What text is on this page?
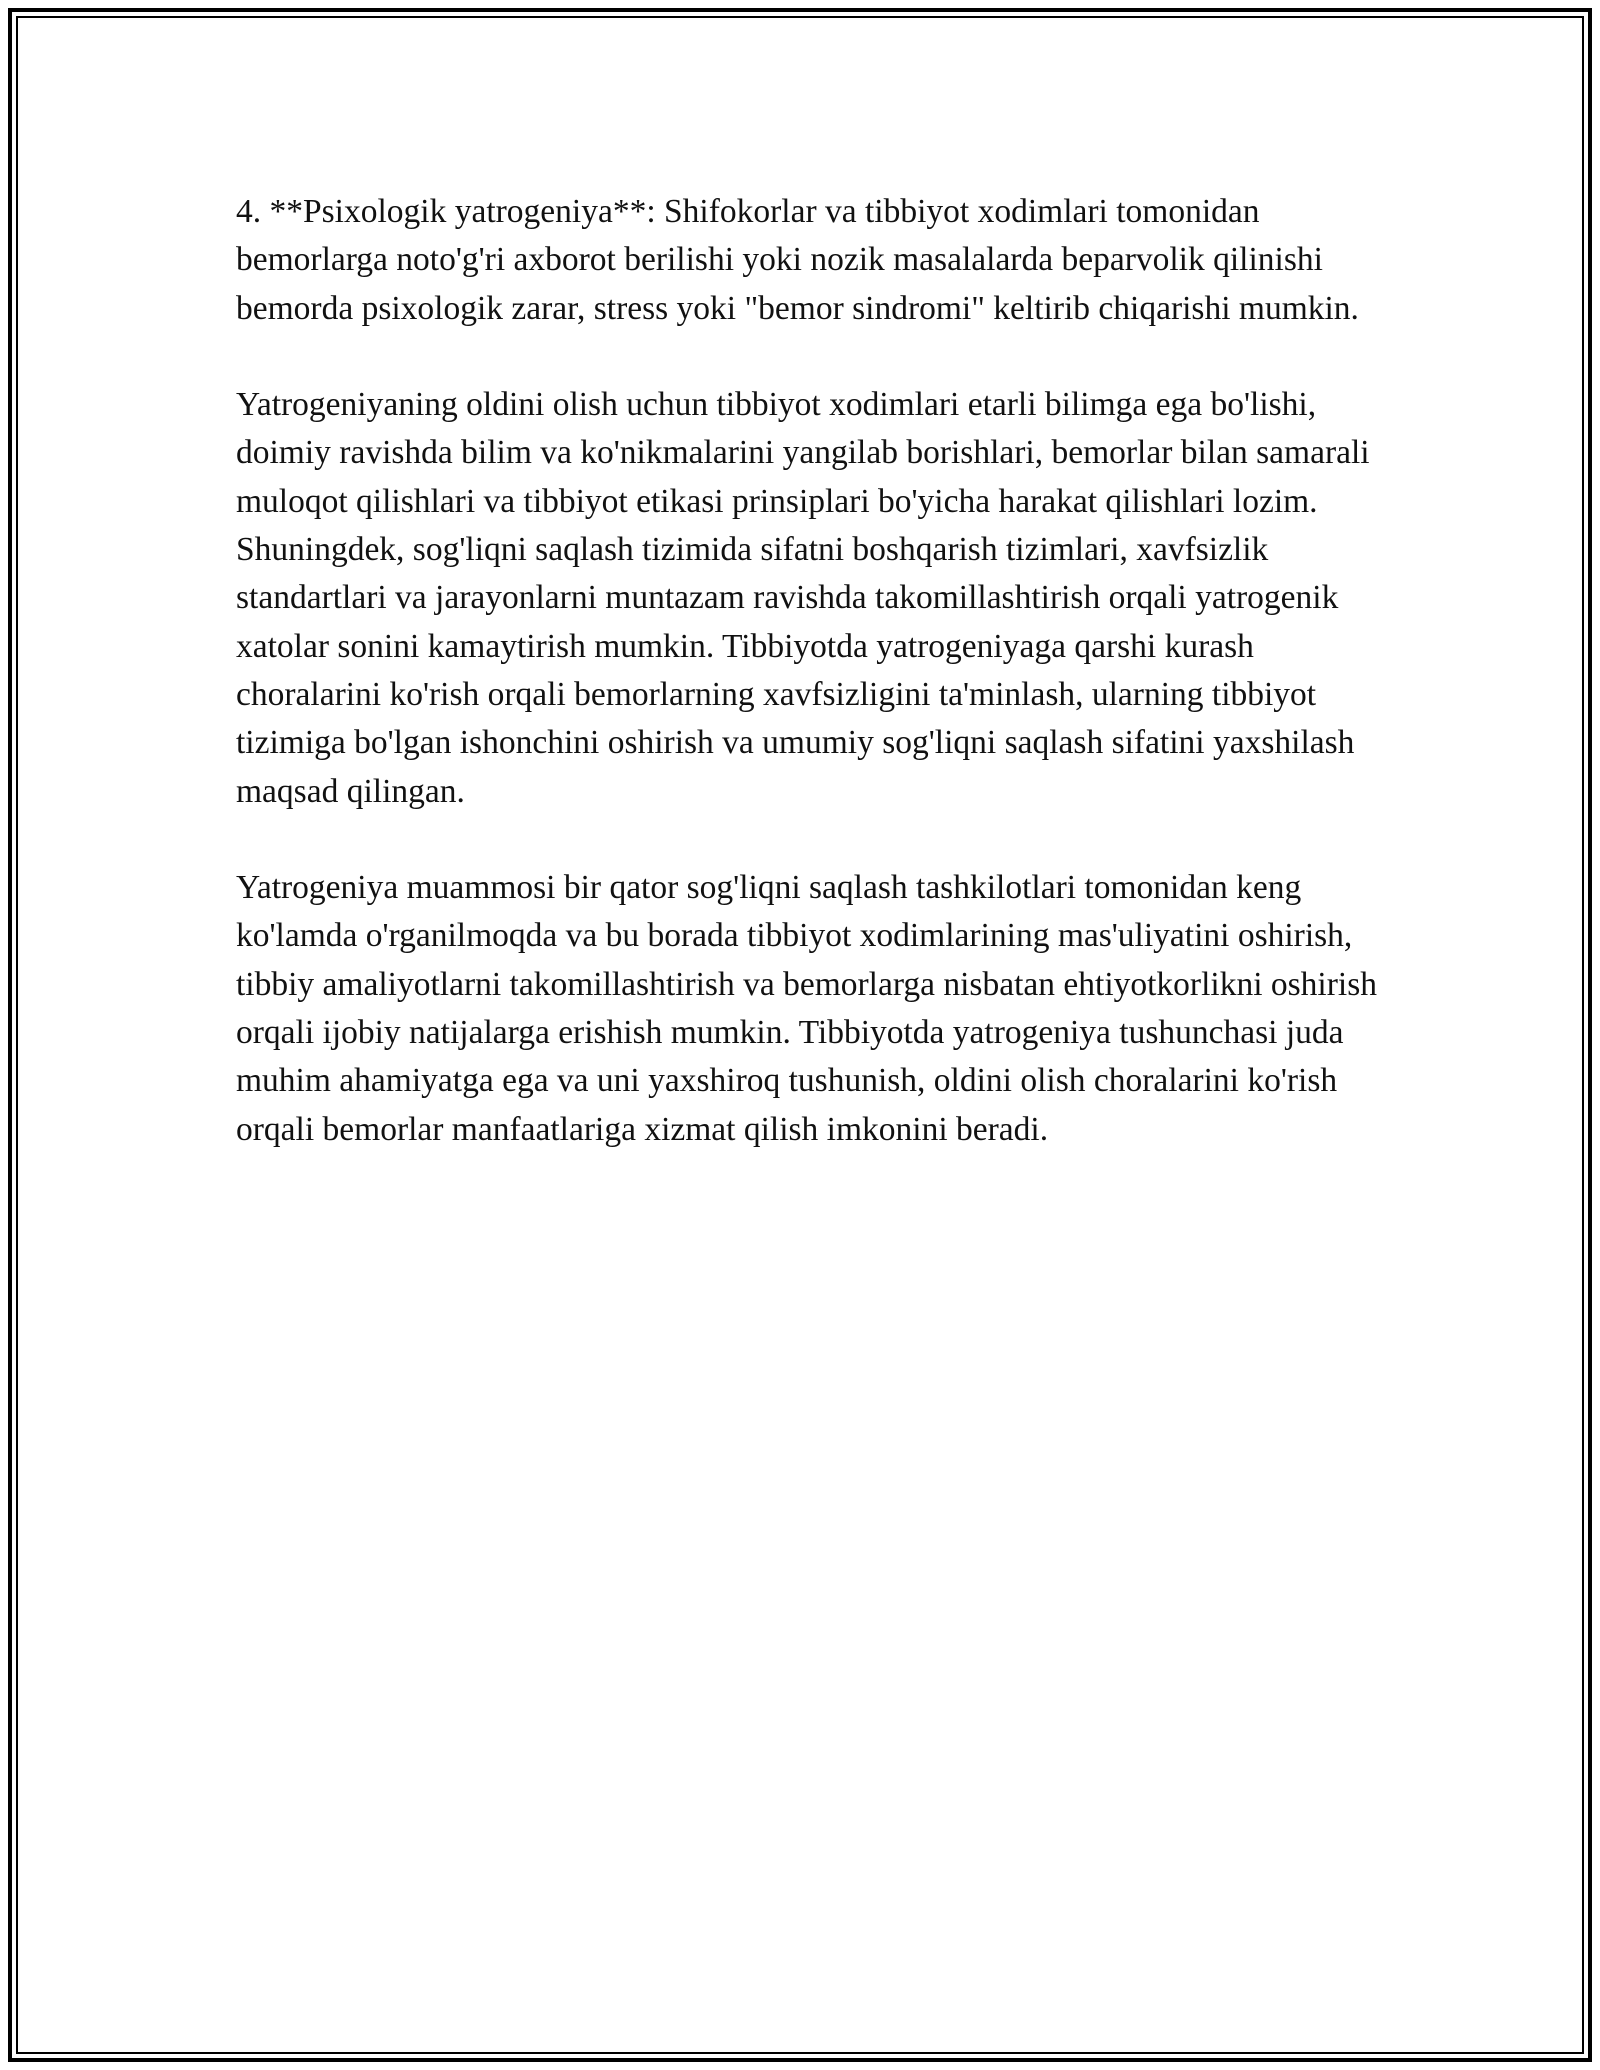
4. **Psixologik yatrogeniya**: Shifokorlar va tibbiyot xodimlari tomonidan bemorlarga noto'g'ri axborot berilishi yoki nozik masalalarda beparvolik qilinishi bemorda psixologik zarar, stress yoki "bemor sindromi" keltirib chiqarishi mumkin.

Yatrogeniyaning oldini olish uchun tibbiyot xodimlari etarli bilimga ega bo'lishi, doimiy ravishda bilim va ko'nikmalarini yangilab borishlari, bemorlar bilan samarali muloqot qilishlari va tibbiyot etikasi prinsiplari bo'yicha harakat qilishlari lozim. Shuningdek, sog'liqni saqlash tizimida sifatni boshqarish tizimlari, xavfsizlik standartlari va jarayonlarni muntazam ravishda takomillashtirish orqali yatrogenik xatolar sonini kamaytirish mumkin. Tibbiyotda yatrogeniyaga qarshi kurash choralarini ko'rish orqali bemorlarning xavfsizligini ta'minlash, ularning tibbiyot tizimiga bo'lgan ishonchini oshirish va umumiy sog'liqni saqlash sifatini yaxshilash maqsad qilingan.

Yatrogeniya muammosi bir qator sog'liqni saqlash tashkilotlari tomonidan keng ko'lamda o'rganilmoqda va bu borada tibbiyot xodimlarining mas'uliyatini oshirish, tibbiy amaliyotlarni takomillashtirish va bemorlarga nisbatan ehtiyotkorlikni oshirish orqali ijobiy natijalarga erishish mumkin. Tibbiyotda yatrogeniya tushunchasi juda muhim ahamiyatga ega va uni yaxshiroq tushunish, oldini olish choralarini ko'rish orqali bemorlar manfaatlariga xizmat qilish imkonini beradi.
